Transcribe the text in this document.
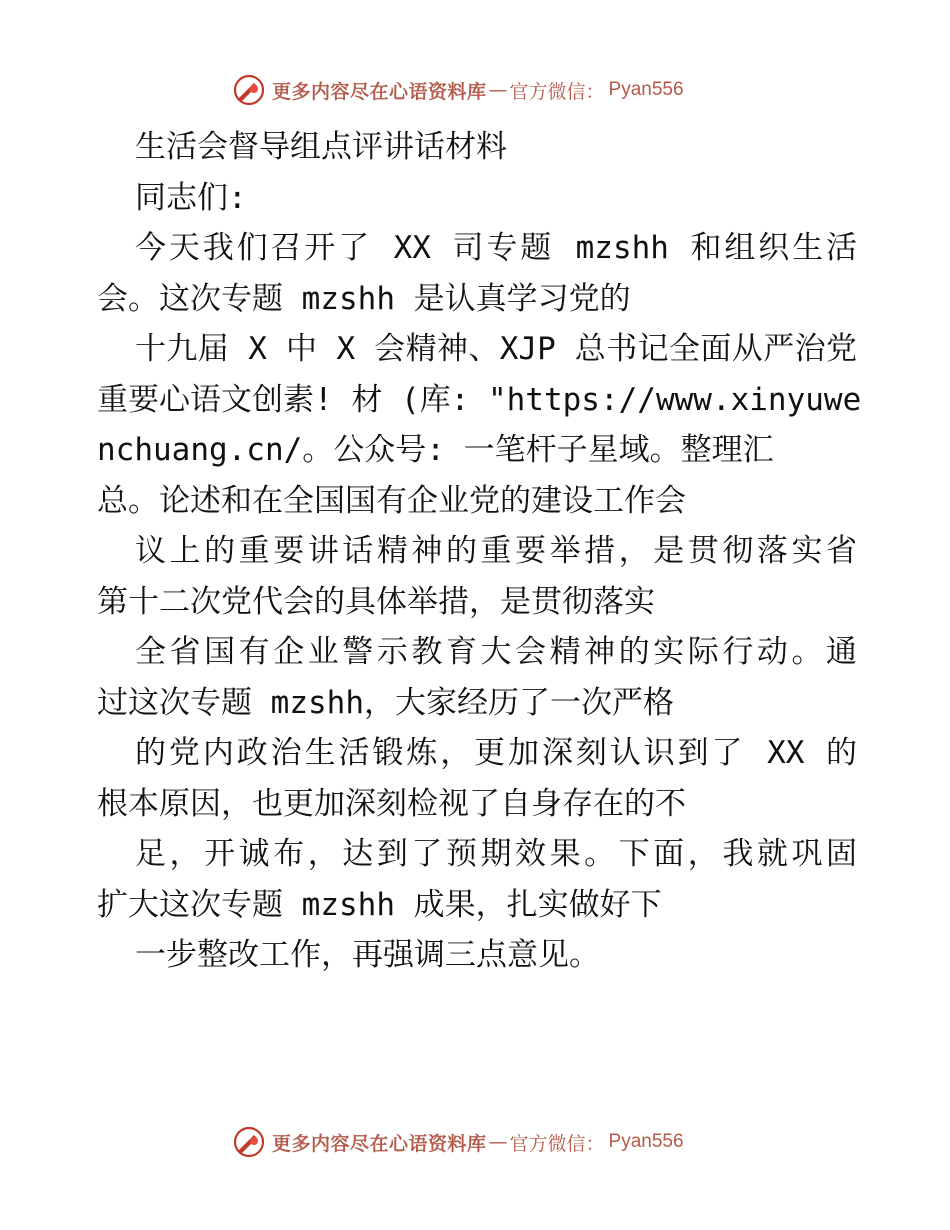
更多内容尽在心语资料库 — 官方微信： Pyan556
生活会督导组点评讲话材料
同志们:
今天我们召开了 XX 司专题 mzshh 和组织生活
会。这次专题 mzshh 是认真学习党的
十九届 X 中 X 会精神、XJP 总书记全面从严治党
重要心语文创素! 材 (库: "https://www.xinyuwe
nchuang.cn/。公众号: 一笔杆子星域。整理汇
总。论述和在全国国有企业党的建设工作会
议上的重要讲话精神的重要举措，是贯彻落实省
第十二次党代会的具体举措，是贯彻落实
全省国有企业警示教育大会精神的实际行动。通
过这次专题 mzshh，大家经历了一次严格
的党内政治生活锻炼，更加深刻认识到了 XX 的
根本原因，也更加深刻检视了自身存在的不
足，开诚布，达到了预期效果。下面，我就巩固
扩大这次专题 mzshh 成果，扎实做好下
一步整改工作，再强调三点意见。
更多内容尽在心语资料库 — 官方微信： Pyan556
